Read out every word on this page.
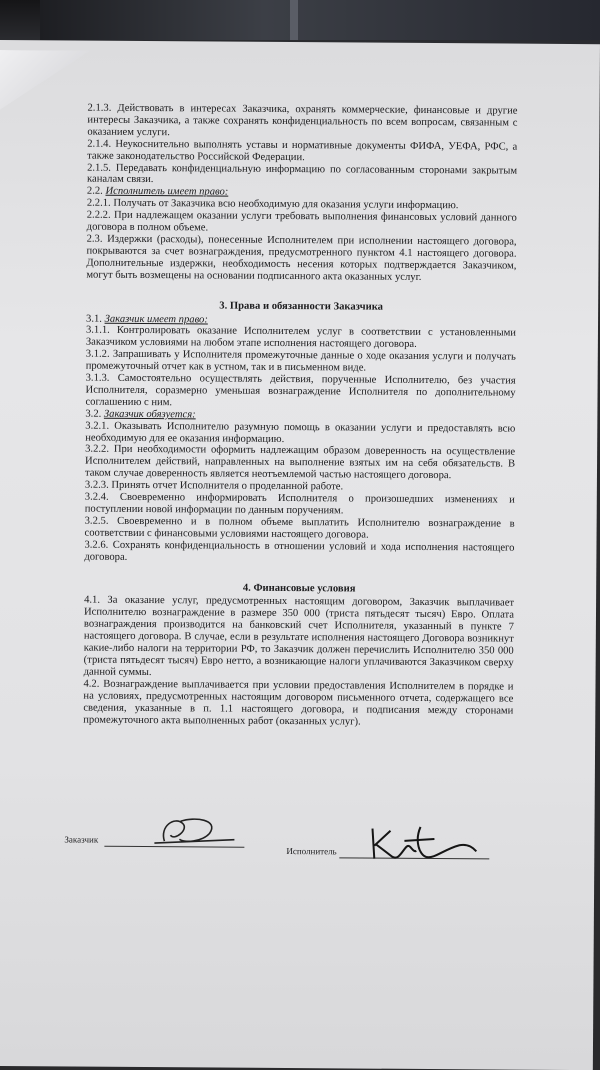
2.1.3. Действовать в интересах Заказчика, охранять коммерческие, финансовые и другие интересы Заказчика, а также сохранять конфиденциальность по всем вопросам, связанным с оказанием услуги.

2.1.4. Неукоснительно выполнять уставы и нормативные документы ФИФА, УЕФА, РФС, а также законодательство Российской Федерации.

2.1.5. Передавать конфиденциальную информацию по согласованным сторонами закрытым каналам связи.

2.2. Исполнитель имеет право:

2.2.1. Получать от Заказчика всю необходимую для оказания услуги информацию.

2.2.2. При надлежащем оказании услуги требовать выполнения финансовых условий данного договора в полном объеме.

2.3. Издержки (расходы), понесенные Исполнителем при исполнении настоящего договора, покрываются за счет вознаграждения, предусмотренного пунктом 4.1 настоящего договора. Дополнительные издержки, необходимость несения которых подтверждается Заказчиком, могут быть возмещены на основании подписанного акта оказанных услуг.

3. Права и обязанности Заказчика

3.1. Заказчик имеет право:

3.1.1. Контролировать оказание Исполнителем услуг в соответствии с установленными Заказчиком условиями на любом этапе исполнения настоящего договора.

3.1.2. Запрашивать у Исполнителя промежуточные данные о ходе оказания услуги и получать промежуточный отчет как в устном, так и в письменном виде.

3.1.3. Самостоятельно осуществлять действия, порученные Исполнителю, без участия Исполнителя, соразмерно уменьшая вознаграждение Исполнителя по дополнительному соглашению с ним.

3.2. Заказчик обязуется:

3.2.1. Оказывать Исполнителю разумную помощь в оказании услуги и предоставлять всю необходимую для ее оказания информацию.

3.2.2. При необходимости оформить надлежащим образом доверенность на осуществление Исполнителем действий, направленных на выполнение взятых им на себя обязательств. В таком случае доверенность является неотъемлемой частью настоящего договора.

3.2.3. Принять отчет Исполнителя о проделанной работе.

3.2.4. Своевременно информировать Исполнителя о произошедших изменениях и поступлении новой информации по данным поручениям.

3.2.5. Своевременно и в полном объеме выплатить Исполнителю вознаграждение в соответствии с финансовыми условиями настоящего договора.

3.2.6. Сохранять конфиденциальность в отношении условий и хода исполнения настоящего договора.

4. Финансовые условия

4.1. За оказание услуг, предусмотренных настоящим договором, Заказчик выплачивает Исполнителю вознаграждение в размере 350 000 (триста пятьдесят тысяч) Евро. Оплата вознаграждения производится на банковский счет Исполнителя, указанный в пункте 7 настоящего договора. В случае, если в результате исполнения настоящего Договора возникнут какие-либо налоги на территории РФ, то Заказчик должен перечислить Исполнителю 350 000 (триста пятьдесят тысяч) Евро нетто, а возникающие налоги уплачиваются Заказчиком сверху данной суммы.

4.2. Вознаграждение выплачивается при условии предоставления Исполнителем в порядке и на условиях, предусмотренных настоящим договором письменного отчета, содержащего все сведения, указанные в п. 1.1 настоящего договора, и подписания между сторонами промежуточного акта выполненных работ (оказанных услуг).

Заказчик
Исполнитель
